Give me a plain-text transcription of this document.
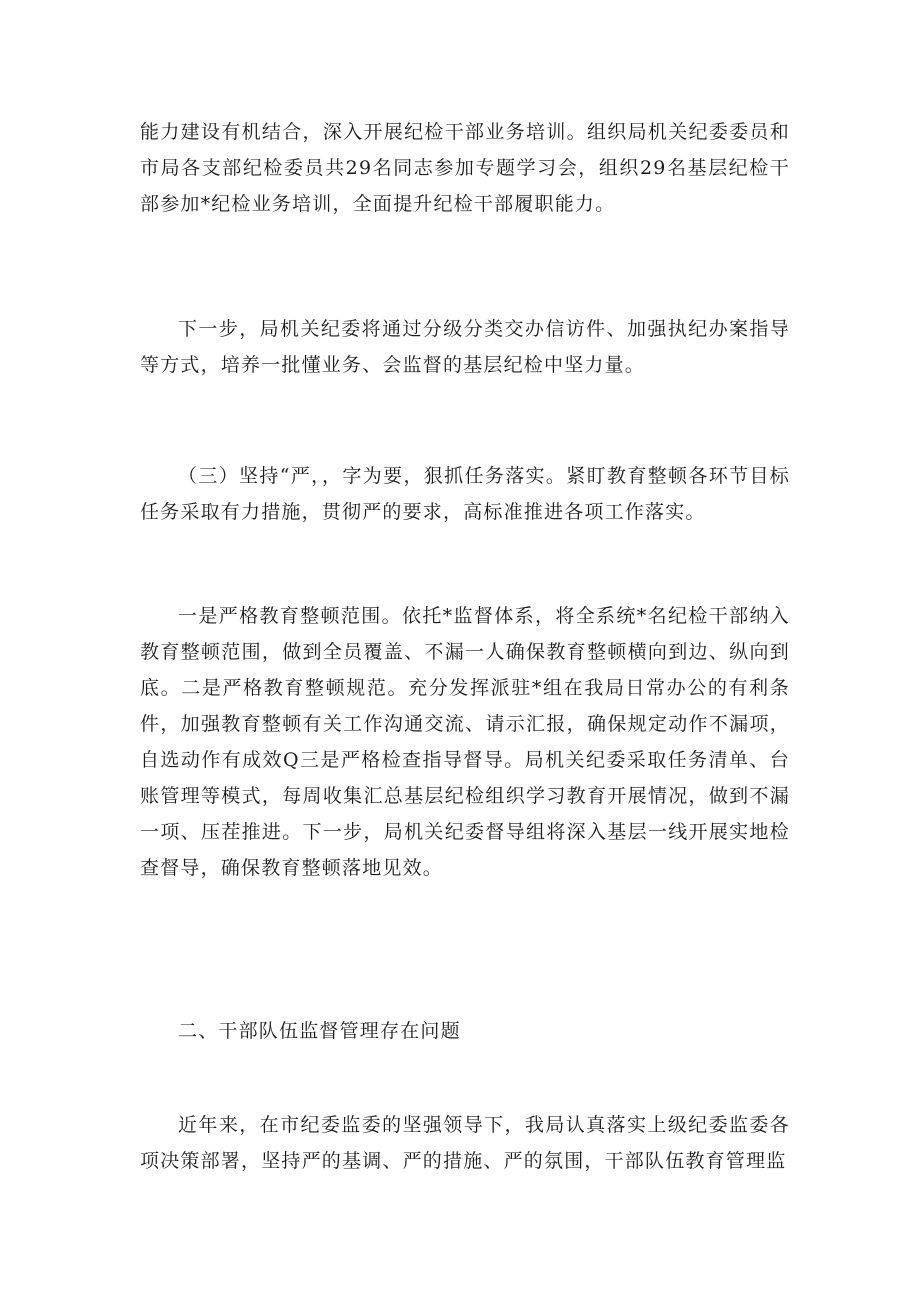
能力建设有机结合，深入开展纪检干部业务培训。组织局机关纪委委员和市局各支部纪检委员共29名同志参加专题学习会，组织29名基层纪检干部参加*纪检业务培训，全面提升纪检干部履职能力。

下一步，局机关纪委将通过分级分类交办信访件、加强执纪办案指导等方式，培养一批懂业务、会监督的基层纪检中坚力量。

（三）坚持“严，，字为要，狠抓任务落实。紧盯教育整顿各环节目标任务采取有力措施，贯彻严的要求，高标准推进各项工作落实。

一是严格教育整顿范围。依托*监督体系，将全系统*名纪检干部纳入教育整顿范围，做到全员覆盖、不漏一人确保教育整顿横向到边、纵向到底。二是严格教育整顿规范。充分发挥派驻*组在我局日常办公的有利条件，加强教育整顿有关工作沟通交流、请示汇报，确保规定动作不漏项，自选动作有成效Q三是严格检查指导督导。局机关纪委采取任务清单、台账管理等模式，每周收集汇总基层纪检组织学习教育开展情况，做到不漏一项、压茬推进。下一步，局机关纪委督导组将深入基层一线开展实地检查督导，确保教育整顿落地见效。

二、干部队伍监督管理存在问题

近年来，在市纪委监委的坚强领导下，我局认真落实上级纪委监委各项决策部署，坚持严的基调、严的措施、严的氛围，干部队伍教育管理监
